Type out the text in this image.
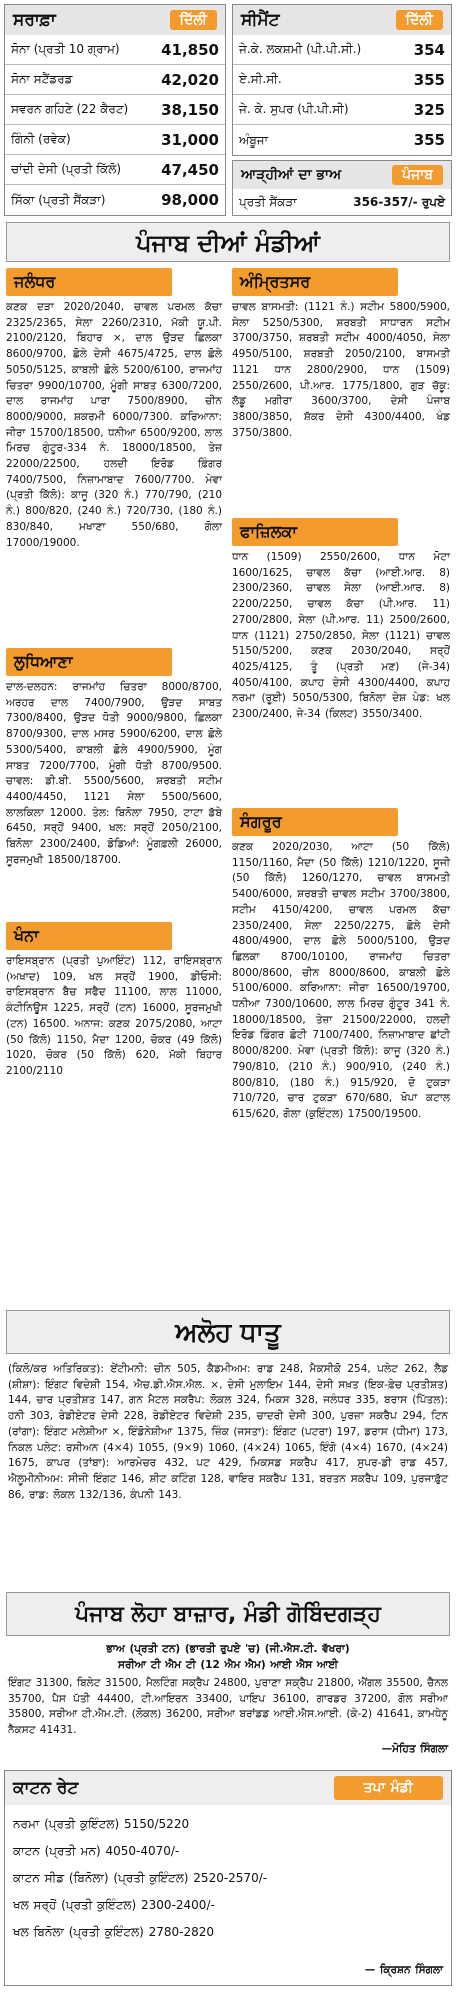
ਸਰਾਫ਼ਾ	ਦਿੱਲੀ
ਸੋਨਾ (ਪ੍ਰਤੀ 10 ਗ੍ਰਾਮ)	41,850
ਸੋਨਾ ਸਟੈਂਡਰਡ	42,020
ਸਵਰਨ ਗਹਿਣੇ (22 ਕੈਰਟ) 38,150
ਗਿੰਨੀ (ਰਵੇਕ)	31,000
ਚਾਂਦੀ ਦੇਸੀ (ਪ੍ਰਤੀ ਕਿੱਲੋ)	47,450
ਸਿੱਕਾ (ਪ੍ਰਤੀ ਸੈਂਕੜਾ)	98,000
ਸੀਮੈਂਟ	ਦਿੱਲੀ
ਜੇ.ਕੇ. ਲਕਸ਼ਮੀ (ਪੀ.ਪੀ.ਸੀ.)	354
ਏ.ਸੀ.ਸੀ.	355
ਜੇ. ਕੇ. ਸੁਪਰ (ਪੀ.ਪੀ.ਸੀ)	325
ਅੰਬੂਜਾ	355
ਆੜ੍ਹੀਆਂ ਦਾ ਭਾਅ	ਪੰਜਾਬ
ਪ੍ਰਤੀ ਸੈਂਕੜਾ	356-357/- ਰੁਪਏ
ਪੰਜਾਬ ਦੀਆਂ ਮੰਡੀਆਂ
ਜਲੰਧਰ
ਕਣਕ ਦੜਾ 2020/2040, ਚਾਵਲ ਪਰਮਲ ਕੱਚਾ 2325/2365, ਸੇਲਾ 2260/2310, ਮੱਕੀ ਯੂ.ਪੀ. 2100/2120, ਬਿਹਾਰ ×, ਦਾਲ ਉੜਦ ਛਿਲਕਾ 8600/9700, ਛੋਲੇ ਦੇਸੀ 4675/4725, ਦਾਲ ਛੋਲੇ 5050/5125, ਕਾਬਲੀ ਛੋਲੇ 5200/6100, ਰਾਜਮਾਂਹ ਚਿਤਰਾ 9900/10700, ਮੂੰਗੀ ਸਾਬਤ 6300/7200, ਦਾਲ ਰਾਜਮਾਂਹ ਪਾਰਾ 7500/8900, ਚੀਨ 8000/9000, ਸ਼ਕਰਮੀ 6000/7300. ਕਰਿਆਨਾ: ਜੀਰਾ 15700/18500, ਧਨੀਆ 6500/9200, ਲਾਲ ਮਿਰਚ ਗੁੰਟੂਰ-334 ਨੰ. 18000/18500, ਤੇਜ਼ 22000/22500, ਹਲਦੀ ਇਰੋਡ ਫ਼ਿੰਗਰ 7400/7500, ਨਿਜ਼ਾਮਾਬਾਦ 7600/7700. ਮੇਵਾ (ਪ੍ਰਤੀ ਕਿੱਲੋ): ਕਾਜੂ (320 ਨੰ.) 770/790, (210 ਨੰ.) 800/820, (240 ਨੰ.) 720/730, (180 ਨੰ.) 830/840, ਮਖਾਣਾ 550/680, ਗੋਲਾ 17000/19000.
ਲੁਧਿਆਣਾ
ਦਾਲ-ਦਲਹਨ: ਰਾਜਮਾਂਹ ਚਿਤਰਾ 8000/8700, ਅਰਹਰ ਦਾਲ 7400/7900, ਉੜਦ ਸਾਬਤ 7300/8400, ਉੜਦ ਧੋਤੀ 9000/9800, ਛਿਲਕਾ 8700/9300, ਦਾਲ ਮਸਰ 5900/6200, ਦਾਲ ਛੋਲੇ 5300/5400, ਕਾਬਲੀ ਛੋਲੇ 4900/5900, ਮੂੰਗ ਸਾਬਤ 7200/7700, ਮੂੰਗੀ ਧੋਤੀ 8700/9500. ਚਾਵਲ: ਡੀ.ਬੀ. 5500/5600, ਸ਼ਰਬਤੀ ਸਟੀਮ 4400/4450, 1121 ਸੇਲਾ 5500/5600, ਲਾਲਕਿਲਾ 12000. ਤੇਲ: ਬਿਨੋਲਾ 7950, ਟਾਟਾ ਡੱਬੇ 6450, ਸਰ੍ਹੋਂ 9400, ਖਲ: ਸਰ੍ਹੋਂ 2050/2100, ਬਿਨੋਲਾ 2300/2400, ਡੋਡਿਆਂ: ਮੂੰਗਫ਼ਲੀ 26000, ਸੂਰਜਮੁਖੀ 18500/18700.
ਖੰਨਾ
ਰਾਇਸਬ੍ਰਾਨ (ਪ੍ਰਤੀ ਪੁਆਇੰਟ) 112, ਰਾਇਸਬ੍ਰਾਨ (ਅਖਾਦ) 109, ਖਲ ਸਰ੍ਹੋਂ 1900, ਡੀਓਸੀ: ਰਾਇਸਬ੍ਰਾਨ ਬੈਚ ਸਫੈਦ 11100, ਲਾਲ 11000, ਕੰਟੀਨਿਊਸ 1225, ਸਰ੍ਹੋਂ (ਟਨ) 16000, ਸੂਰਜਮੁਖੀ (ਟਨ) 16500. ਅਨਾਜ: ਕਣਕ 2075/2080, ਆਟਾ (50 ਕਿੱਲੋ) 1150, ਮੈਦਾ 1200, ਚੋਕਰ (49 ਕਿੱਲੋ) 1020, ਚੋਕਰ (50 ਕਿੱਲੋ) 620, ਮੱਕੀ ਬਿਹਾਰ 2100/2110
ਅੰਮ੍ਰਿਤਸਰ
ਚਾਵਲ ਬਾਸਮਤੀ: (1121 ਨੰ.) ਸਟੀਮ 5800/5900, ਸੇਲਾ 5250/5300, ਸ਼ਰਬਤੀ ਸਾਧਾਰਨ ਸਟੀਮ 3700/3750, ਸ਼ਰਬਤੀ ਸਟੀਮ 4000/4050, ਸੇਲਾ 4950/5100, ਸ਼ਰਬਤੀ 2050/2100, ਬਾਸਮਤੀ 1121 ਧਾਨ 2800/2900, ਧਾਨ (1509) 2550/2600, ਪੀ.ਆਰ. 1775/1800, ਗੁੜ ਚੱਕੂ: ਲੱਡੂ ਮਗੀਰਾ 3600/3700, ਦੇਸੀ ਪੰਜਾਬ 3800/3850, ਸ਼ੱਕਰ ਦੇਸੀ 4300/4400, ਖੰਡ 3750/3800.
ਫਾਜ਼ਿਲਕਾ
ਧਾਨ (1509) 2550/2600, ਧਾਨ ਮੋਟਾ 1600/1625, ਚਾਵਲ ਕੱਚਾ (ਆਈ.ਆਰ. 8) 2300/2360, ਚਾਵਲ ਸੇਲਾ (ਆਈ.ਆਰ. 8) 2200/2250, ਚਾਵਲ ਕੱਚਾ (ਪੀ.ਆਰ. 11) 2700/2800, ਸੇਲਾ (ਪੀ.ਆਰ. 11) 2500/2600, ਧਾਨ (1121) 2750/2850, ਸੇਲਾ (1121) ਚਾਵਲ 5150/5200, ਕਣਕ 2030/2040, ਸਰ੍ਹੋਂ 4025/4125, ਤੂੰ (ਪ੍ਰਤੀ ਮਣ) (ਜੇ-34) 4050/4100, ਕਪਾਹ ਦੇਸੀ 4300/4400, ਕਪਾਹ ਨਰਮਾ (ਰੂਈ) 5050/5300, ਬਿਨੋਲਾ ਦੇਸ਼ ਪੇਡ: ਖਲ 2300/2400, ਜੇ-34 (ਕਿਲਟ) 3550/3400.
ਸੰਗਰੂਰ
ਕਣਕ 2020/2030, ਆਟਾ (50 ਕਿੱਲੋ) 1150/1160, ਮੈਦਾ (50 ਕਿੱਲੋ) 1210/1220, ਸੂਜੀ (50 ਕਿੱਲੋ) 1260/1270, ਚਾਵਲ ਬਾਸਮਤੀ 5400/6000, ਸ਼ਰਬਤੀ ਚਾਵਲ ਸਟੀਮ 3700/3800, ਸਟੀਮ 4150/4200, ਚਾਵਲ ਪਰਮਲ ਕੱਚਾ 2350/2400, ਸੇਲਾ 2250/2275, ਛੋਲੇ ਦੇਸੀ 4800/4900, ਦਾਲ ਛੋਲੇ 5000/5100, ਉੜਦ ਛਿਲਕਾ 8700/10100, ਰਾਜਮਾਂਹ ਚਿਤਰਾ 8000/8600, ਚੀਨ 8000/8600, ਕਾਬਲੀ ਛੋਲੇ 5100/6000. ਕਰਿਆਨਾ: ਜੀਰਾ 16500/19700, ਧਨੀਆ 7300/10600, ਲਾਲ ਮਿਰਚ ਗੁੰਟੂਰ 341 ਨੰ. 18000/18500, ਤੇਜ਼ਾ 21500/22000, ਹਲਦੀ ਇਰੋਡ ਫ਼ਿੰਗਰ ਛੋਟੀ 7100/7400, ਨਿਜ਼ਾਮਾਬਾਦ ਛਾਂਟੀ 8000/8200. ਮੇਵਾ (ਪ੍ਰਤੀ ਕਿੱਲੋ): ਕਾਜੂ (320 ਨੰ.) 790/810, (210 ਨੰ.) 900/910, (240 ਨੰ.) 800/810, (180 ਨੰ.) 915/920, ਦੋ ਟੁਕੜਾ 710/720, ਚਾਰ ਟੁਕੜਾ 670/680, ਖੋਪਾ ਕਟਾਲ 615/620, ਗੋਲਾ (ਕੁਇੰਟਲ) 17500/19500.
ਅਲੋਹ ਧਾਤੂ
(ਕਿਲੋ/ਕਰ ਅਤਿਰਿਕਤ): ਏਂਟੀਮਨੀ: ਚੀਨ 505, ਕੈਡਮੀਅਮ: ਰਾਡ 248, ਮੈਕਸੀਕੋ 254, ਪਲੇਟ 262, ਲੈਡ (ਸ਼ੀਸ਼ਾ): ਇੰਗਟ ਵਿਦੇਸ਼ੀ 154, ਐਚ.ਡੀ.ਐਸ.ਐਲ. ×, ਦੇਸੀ ਮੁਲਾਇਮ 144, ਦੇਸੀ ਸਖ਼ਤ (ਇਕ-ਫ਼ੇਚ ਪ੍ਰਤੀਸ਼ਤ) 144, ਚਾਰ ਪ੍ਰਤੀਸ਼ਤ 147, ਗਨ ਮੈਟਲ ਸਕਰੈਪ: ਲੋਕਲ 324, ਮਿਕਸ 328, ਜਲੰਧਰ 335, ਬਰਾਸ (ਪਿੱਤਲ): ਹਨੀ 303, ਰੇਡੀਏਟਰ ਦੇਸੀ 228, ਰੇਡੀਏਟਰ ਵਿਦੇਸ਼ੀ 235, ਚਾਦਰੀ ਦੇਸੀ 300, ਪੁਰਜ਼ਾ ਸਕਰੈਪ 294, ਟਿਨ (ਰਾਂਗਾ): ਇੰਗਟ ਮਲੇਸ਼ੀਆ ×, ਇੰਡੋਨੇਸ਼ੀਆ 1375, ਜ਼ਿੰਕ (ਜਸਤਾ): ਇੰਗਟ (ਪਟਰਾ) 197, ਡਰਾਸ (ਧੀਮਾ) 173, ਨਿਕਲ ਪਲੇਟ: ਰਸੀਅਨ (4×4) 1055, (9×9) 1060, (4×24) 1065, ਇੰਗੋ (4×4) 1670, (4×24) 1675, ਕਾਪਰ (ਤਾਂਬਾ): ਆਰਮੇਚਰ 432, ਪਟ 429, ਮਿਕਸਡ ਸਕਰੈਪ 417, ਸੁਪਰ-ਡੀ ਰਾਡ 457, ਐਲੂਮੀਨੀਅਮ: ਸੀਜੀ ਇੰਗਟ 146, ਸ਼ੀਟ ਕਟਿੰਗ 128, ਵਾਇਰ ਸਕਰੈਪ 131, ਬਰਤਨ ਸਕਰੈਪ 109, ਪੁਰਜਾਫ਼ੁੱਟ 86, ਰਾਡ: ਲੋਕਲ 132/136, ਕੰਪਨੀ 143.
ਪੰਜਾਬ ਲੋਹਾ ਬਾਜ਼ਾਰ, ਮੰਡੀ ਗੋਬਿੰਦਗੜ੍ਹ
ਭਾਅ (ਪ੍ਰਤੀ ਟਨ) (ਭਾਰਤੀ ਰੁਪਏ 'ਚ) (ਜੀ.ਐਸ.ਟੀ. ਵੱਖਰਾ)
ਸਰੀਆ ਟੀ ਐਮ ਟੀ (12 ਐਮ ਐਮ) ਆਈ ਐਸ ਆਈ
ਇੰਗਟ 31300, ਬਿਲੇਟ 31500, ਮੈਲਟਿੰਗ ਸਕ੍ਰੈਪ 24800, ਪੁਰਾਣਾ ਸਕ੍ਰੈਪ 21800, ਐਂਗਲ 35500, ਚੈਨਲ 35700, ਪੈਸ ਪੱਤੀ 44400, ਟੀ.ਆਇਰਨ 33400, ਪਾਇਪ 36100, ਗਾਰਡਰ 37200, ਗੋਲ ਸਰੀਆ 35800, ਸਰੀਆ ਟੀ.ਐਮ.ਟੀ. (ਲੋਕਲ) 36200, ਸਰੀਆ ਬਰਾਂਡਡ ਆਈ.ਐਸ.ਆਈ. (ਕੇ-2) 41641, ਕਾਮਧੇਨੂ ਨੈਕਸਟ 41431.
—ਮੋਹਿਤ ਸਿੰਗਲਾ
ਕਾਟਨ ਰੇਟ	ਤਪਾ ਮੰਡੀ
ਨਰਮਾ (ਪ੍ਰਤੀ ਕੁਇੰਟਲ) 5150/5220
ਕਾਟਨ (ਪ੍ਰਤੀ ਮਨ) 4050-4070/-
ਕਾਟਨ ਸੀਡ (ਬਿਨੋਲਾ) (ਪ੍ਰਤੀ ਕੁਇੰਟਲ) 2520-2570/-
ਖਲ ਸਰ੍ਹੋਂ (ਪ੍ਰਤੀ ਕੁਇੰਟਲ) 2300-2400/-
ਖਲ ਬਿਨੋਲਾ (ਪ੍ਰਤੀ ਕੁਇੰਟਲ) 2780-2820
— ਕ੍ਰਿਸ਼ਨ ਸਿੰਗਲਾ
